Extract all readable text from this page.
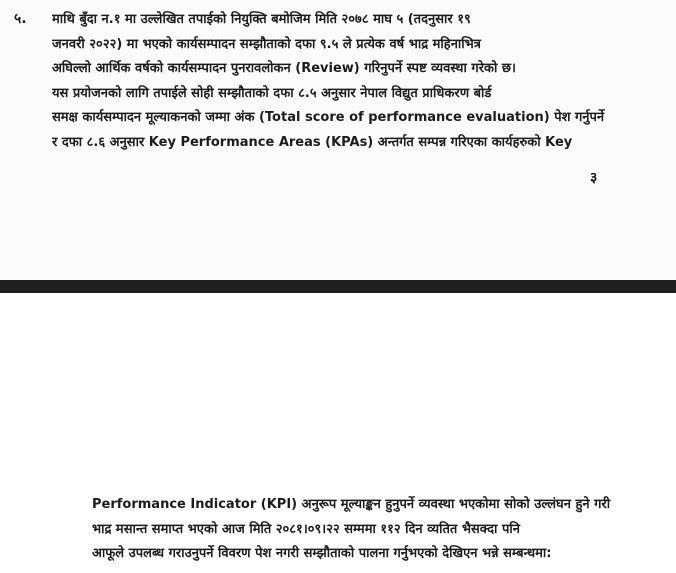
५. माथि बुँदा न.१ मा उल्लेखित तपाईको नियुक्ति बमोजिम मिति २०७८ माघ ५ (तदनुसार १९
जनवरी २०२२) मा भएको कार्यसम्पादन सम्झौताको दफा ९.५ ले प्रत्येक वर्ष भाद्र महिनाभित्र
अघिल्लो आर्थिक वर्षको कार्यसम्पादन पुनरावलोकन (Review) गरिनुपर्ने स्पष्ट व्यवस्था गरेको छ।
यस प्रयोजनको लागि तपाईले सोही सम्झौताको दफा ८.५ अनुसार नेपाल विद्युत प्राधिकरण बोर्ड
समक्ष कार्यसम्पादन मूल्याकनको जम्मा अंक (Total score of performance evaluation) पेश गर्नुपर्ने
र दफा ८.६ अनुसार Key Performance Areas (KPAs) अन्तर्गत सम्पन्न गरिएका कार्यहरुको Key

३

Performance Indicator (KPI) अनुरूप मूल्याङ्कन हुनुपर्ने व्यवस्था भएकोमा सोको उल्लंघन हुने गरी
भाद्र मसान्त समाप्त भएको आज मिति २०८१।०९।२२ सम्ममा ११२ दिन व्यतित भैसक्दा पनि
आफूले उपलब्ध गराउनुपर्ने विवरण पेश नगरी सम्झौताको पालना गर्नुभएको देखिएन भन्ने सम्बन्धमा:
